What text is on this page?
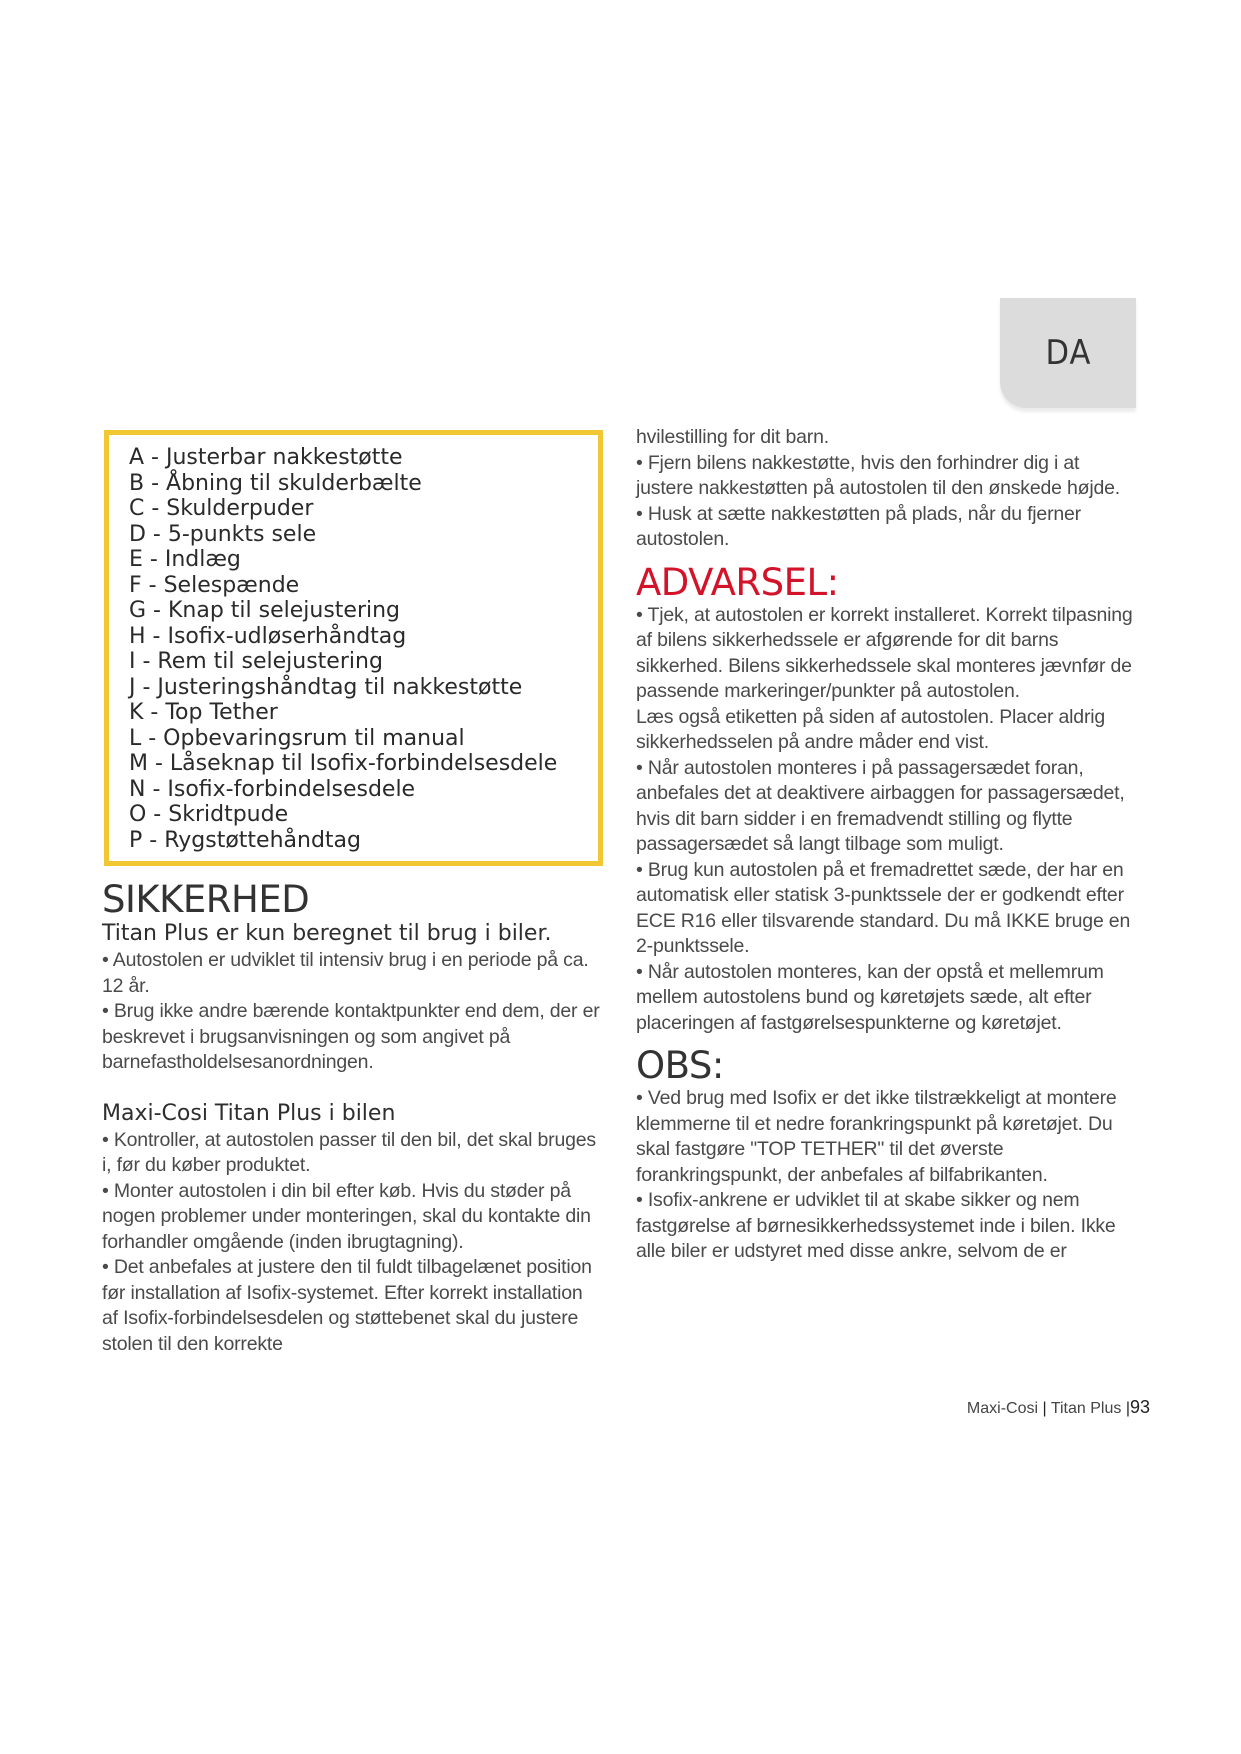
DA
A - Justerbar nakkestøtte
B - Åbning til skulderbælte
C - Skulderpuder
D - 5-punkts sele
E - Indlæg
F - Selespænde
G - Knap til selejustering
H - Isofix-udløserhåndtag
I - Rem til selejustering
J - Justeringshåndtag til nakkestøtte
K - Top Tether
L - Opbevaringsrum til manual
M - Låseknap til Isofix-forbindelsesdele
N - Isofix-forbindelsesdele
O - Skridtpude
P - Rygstøttehåndtag
SIKKERHED

Titan Plus er kun beregnet til brug i biler.

• Autostolen er udviklet til intensiv brug i en periode på ca. 12 år.

• Brug ikke andre bærende kontaktpunkter end dem, der er beskrevet i brugsanvisningen og som angivet på barnefastholdelsesanordningen.

Maxi-Cosi Titan Plus i bilen

• Kontroller, at autostolen passer til den bil, det skal bruges i, før du køber produktet.

• Monter autostolen i din bil efter køb. Hvis du støder på nogen problemer under monteringen, skal du kontakte din forhandler omgående (inden ibrugtagning).

• Det anbefales at justere den til fuldt tilbagelænet position før installation af Isofix-systemet. Efter korrekt installation af Isofix-forbindelsesdelen og støttebenet skal du justere stolen til den korrekte

hvilestilling for dit barn.

• Fjern bilens nakkestøtte, hvis den forhindrer dig i at justere nakkestøtten på autostolen til den ønskede højde.

• Husk at sætte nakkestøtten på plads, når du fjerner autostolen.

ADVARSEL:

• Tjek, at autostolen er korrekt installeret. Korrekt tilpasning af bilens sikkerhedssele er afgørende for dit barns sikkerhed. Bilens sikkerhedssele skal monteres jævnfør de passende markeringer/punkter på autostolen.

Læs også etiketten på siden af autostolen. Placer aldrig sikkerhedsselen på andre måder end vist.

• Når autostolen monteres i på passagersædet foran, anbefales det at deaktivere airbaggen for passagersædet, hvis dit barn sidder i en fremadvendt stilling og flytte passagersædet så langt tilbage som muligt.

• Brug kun autostolen på et fremadrettet sæde, der har en automatisk eller statisk 3-punktssele der er godkendt efter ECE R16 eller tilsvarende standard. Du må IKKE bruge en 2-punktssele.

• Når autostolen monteres, kan der opstå et mellemrum mellem autostolens bund og køretøjets sæde, alt efter placeringen af fastgørelsespunkterne og køretøjet.

OBS:

• Ved brug med Isofix er det ikke tilstrækkeligt at montere klemmerne til et nedre forankringspunkt på køretøjet. Du skal fastgøre "TOP TETHER" til det øverste forankringspunkt, der anbefales af bilfabrikanten.

• Isofix-ankrene er udviklet til at skabe sikker og nem fastgørelse af børnesikkerhedssystemet inde i bilen. Ikke alle biler er udstyret med disse ankre, selvom de er

Maxi-Cosi | Titan Plus |93
